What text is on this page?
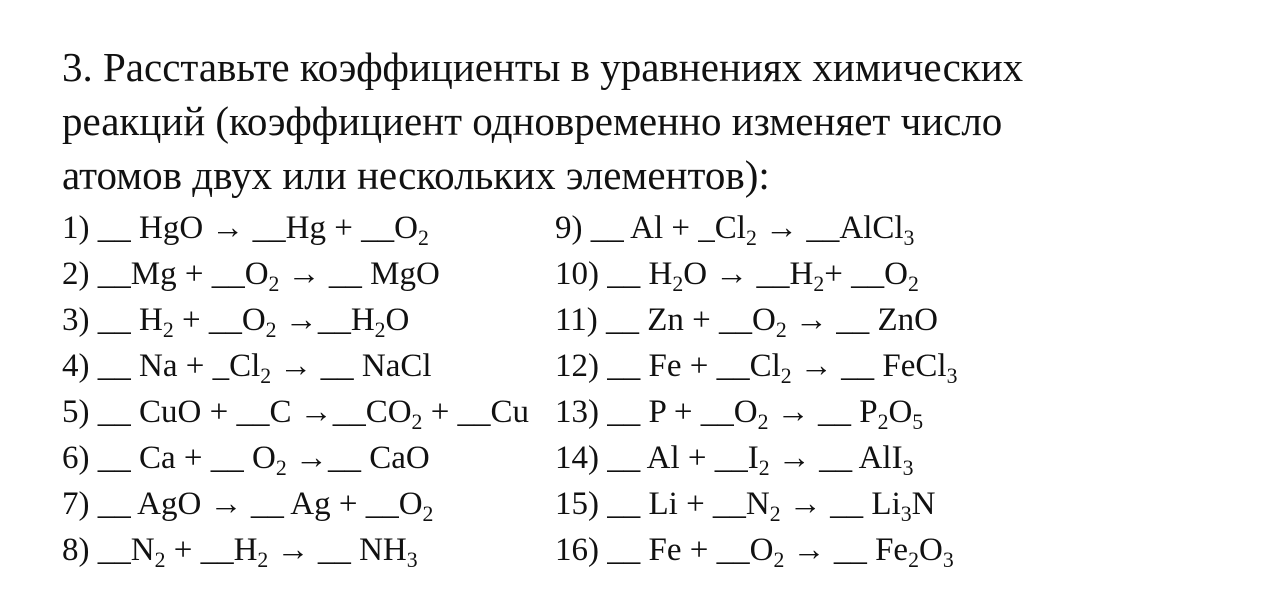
3. Расставьте коэффициенты в уравнениях химических
реакций (коэффициент одновременно изменяет число
атомов двух или нескольких элементов):
1) __ HgO → __Hg + $\_\_O_2$
2) __Mg + $\_\_O_2$ → __ MgO
3) __ $H_2$ + $\_\_O_2$ $\to\_\_H_2O$
4) __ $Na + \_Cl_2$ → __ NaCl
5) __ CuO + __C $\to\_\_CO_2$ + __Cu
6) __ Ca + __ $O_2$ →__ CaO
7) __ AgO → __ $Ag + \_\_O_2$
8) $\_\_N_2$ + $\_\_H_2$ → __ $NH_3$
9) __ $Al + \_Cl_2$ → __AlCl$_3$
10) __ $H_2O$ → $\_\_H_2+$ $\_\_O_2$
11) __ $Zn + \_\_O_2$ → __ ZnO
12) __ $Fe + \_\_Cl_2$ → __ FeCl$_3$
13) __ $P + \_\_O_2$ → __ $P_2O_5$
14) __ $Al + \_\_I_2$ → __ AlI$_3$
15) __ $Li + \_\_N_2$ → __ $Li_3N$
16) __ $Fe + \_\_O_2$ → __ $Fe_2O_3$
